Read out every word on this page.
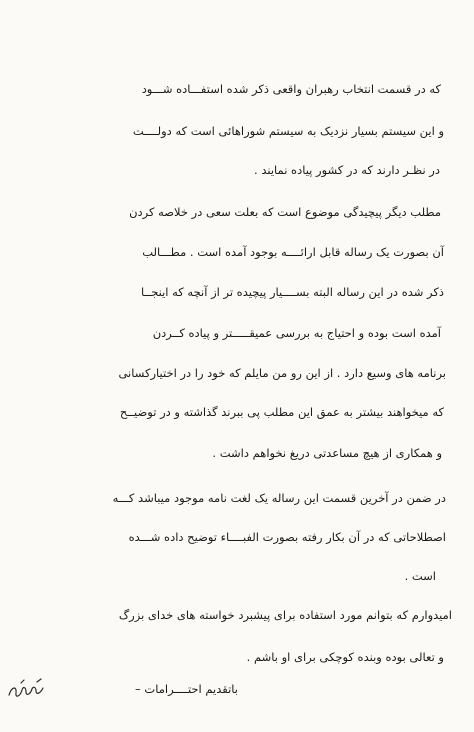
که در قسمت انتخاب رهبران واقعی ذکر شده استفـــاده شـــود
و این سیستم بسیار نزدیک به سیستم شوراهائی است که دولــــت
در نظـر دارند که در کشور پیاده نمایند .
مطلب دیگر پیچیدگی موضوع است که بعلت سعی در خلاصه کردن
آن بصورت یک رساله قابل ارائــــه بوجود آمده است . مطـــالب
ذکر شده در این رساله البته بســــیار پیچیده تر از آنچه که اینجــا
آمده است بوده و احتیاج به بررسی عمیقـــــتر و پیاده کــردن
برنامه های وسیع دارد . از این رو من مایلم که خود را در اختیارکسانی
که میخواهند بیشتر به عمق این مطلب پی ببرند گذاشته و در توضیــح
و همکاری از هیچ مساعدتی دریغ نخواهم داشت .
در ضمن در آخرین قسمت این رساله یک لغت نامه موجود میباشد کـــه
اصطلاحاتی که در آن بکار رفته بصورت الفبــــاء توضیح داده شـــده
است .
امیدوارم که بتوانم مورد استفاده برای پیشبرد خواسته های خدای بزرگ
و تعالی بوده وبنده کوچکی برای او باشم .
باتقدیم احتــــرامات –
